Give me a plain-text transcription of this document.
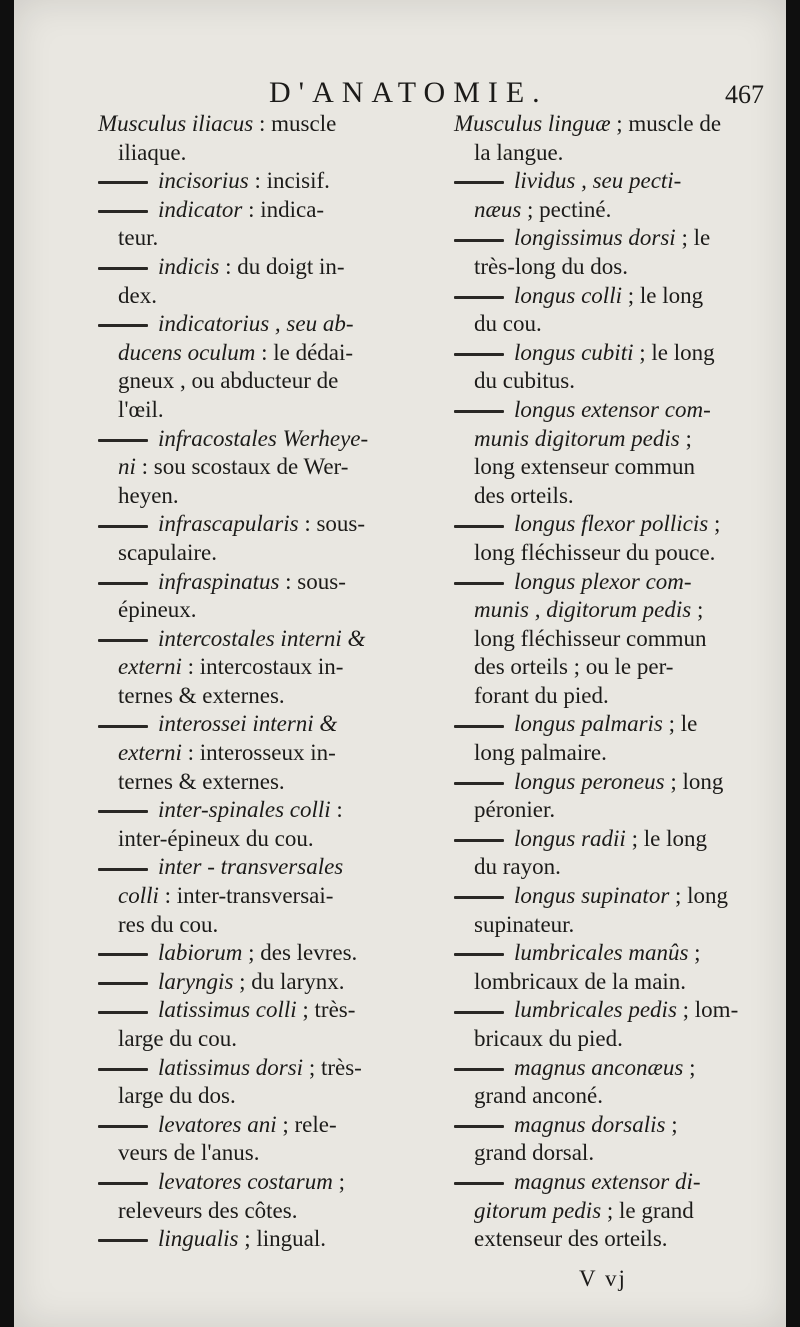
D'ANATOMIE.	467
Musculus iliacus : muscle
iliaque.
incisorius : incisif.
indicator : indica-
teur.
indicis : du doigt in-
dex.
indicatorius , seu ab-
ducens oculum : le dédai-
gneux , ou abducteur de
l'œil.
infracostales Werheye-
ni : sou scostaux de Wer-
heyen.
infrascapularis : sous-
scapulaire.
infraspinatus : sous-
épineux.
intercostales interni &
externi : intercostaux in-
ternes & externes.
interossei interni &
externi : interosseux in-
ternes & externes.
inter-spinales colli :
inter-épineux du cou.
inter - transversales
colli : inter-transversai-
res du cou.
labiorum ; des levres.
laryngis ; du larynx.
latissimus colli ; très-
large du cou.
latissimus dorsi ; très-
large du dos.
levatores ani ; rele-
veurs de l'anus.
levatores costarum ;
releveurs des côtes.
lingualis ; lingual.
Musculus linguæ ; muscle de
la langue.
lividus , seu pecti-
næus ; pectiné.
longissimus dorsi ; le
très-long du dos.
longus colli ; le long
du cou.
longus cubiti ; le long
du cubitus.
longus extensor com-
munis digitorum pedis ;
long extenseur commun
des orteils.
longus flexor pollicis ;
long fléchisseur du pouce.
longus plexor com-
munis , digitorum pedis ;
long fléchisseur commun
des orteils ; ou le per-
forant du pied.
longus palmaris ; le
long palmaire.
longus peroneus ; long
péronier.
longus radii ; le long
du rayon.
longus supinator ; long
supinateur.
lumbricales manûs ;
lombricaux de la main.
lumbricales pedis ; lom-
bricaux du pied.
magnus anconæus ;
grand anconé.
magnus dorsalis ;
grand dorsal.
magnus extensor di-
gitorum pedis ; le grand
extenseur des orteils.
V vj
